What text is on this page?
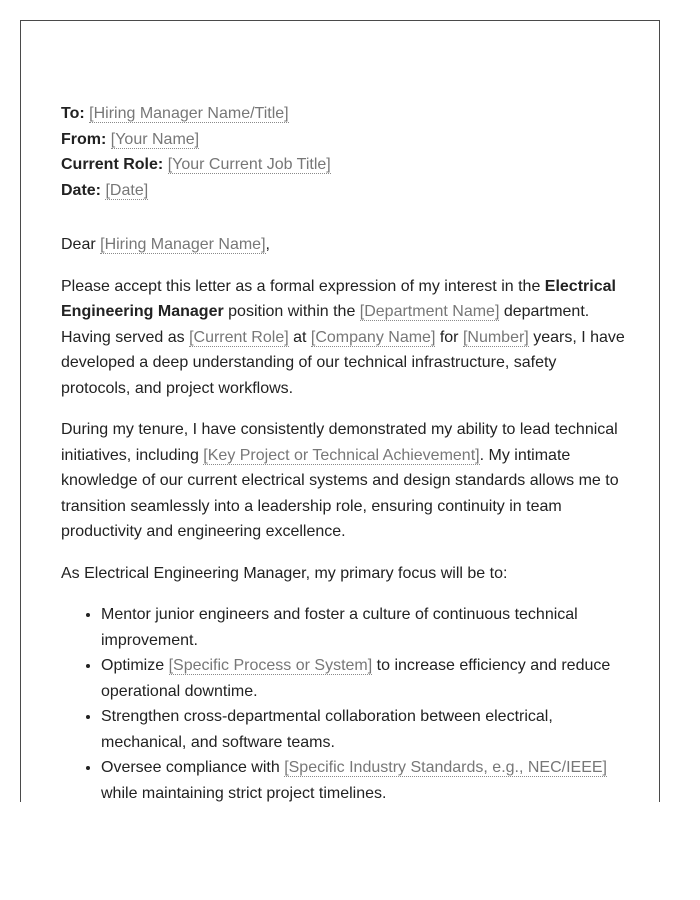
To: [Hiring Manager Name/Title]
From: [Your Name]
Current Role: [Your Current Job Title]
Date: [Date]

Dear [Hiring Manager Name],

Please accept this letter as a formal expression of my interest in the Electrical Engineering Manager position within the [Department Name] department. Having served as [Current Role] at [Company Name] for [Number] years, I have developed a deep understanding of our technical infrastructure, safety protocols, and project workflows.

During my tenure, I have consistently demonstrated my ability to lead technical initiatives, including [Key Project or Technical Achievement]. My intimate knowledge of our current electrical systems and design standards allows me to transition seamlessly into a leadership role, ensuring continuity in team productivity and engineering excellence.

As Electrical Engineering Manager, my primary focus will be to:

• Mentor junior engineers and foster a culture of continuous technical improvement.
• Optimize [Specific Process or System] to increase efficiency and reduce operational downtime.
• Strengthen cross-departmental collaboration between electrical, mechanical, and software teams.
• Oversee compliance with [Specific Industry Standards, e.g., NEC/IEEE] while maintaining strict project timelines.
